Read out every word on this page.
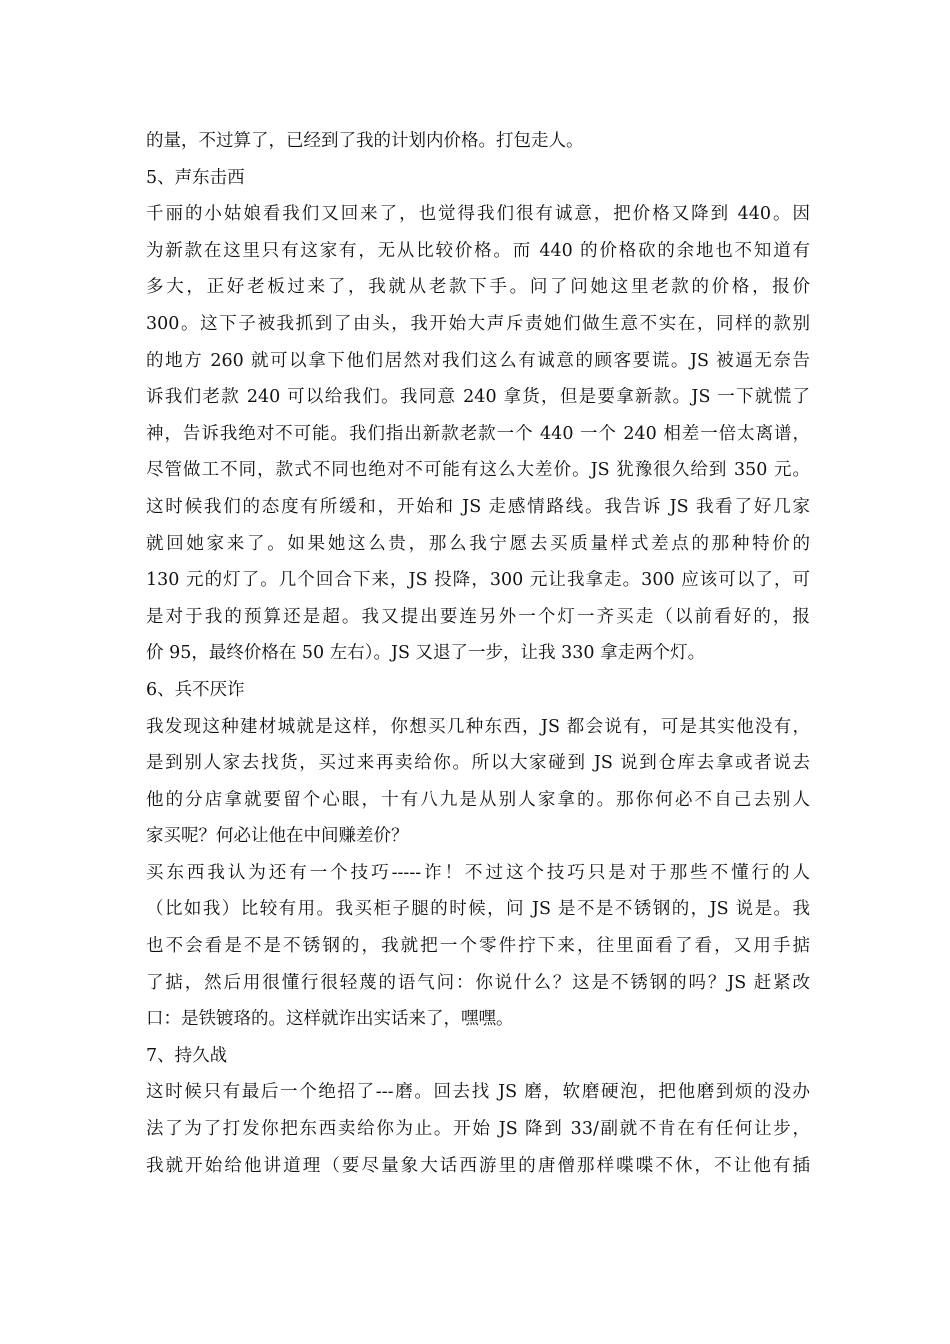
的量，不过算了，已经到了我的计划内价格。打包走人。
5、声东击西
千丽的小姑娘看我们又回来了，也觉得我们很有诚意，把价格又降到 440。因
为新款在这里只有这家有，无从比较价格。而 440 的价格砍的余地也不知道有
多大，正好老板过来了，我就从老款下手。问了问她这里老款的价格，报价
300。这下子被我抓到了由头，我开始大声斥责她们做生意不实在，同样的款别
的地方 260 就可以拿下他们居然对我们这么有诚意的顾客要谎。JS 被逼无奈告
诉我们老款 240 可以给我们。我同意 240 拿货，但是要拿新款。JS 一下就慌了
神，告诉我绝对不可能。我们指出新款老款一个 440 一个 240 相差一倍太离谱，
尽管做工不同，款式不同也绝对不可能有这么大差价。JS 犹豫很久给到 350 元。
这时候我们的态度有所缓和，开始和 JS 走感情路线。我告诉 JS 我看了好几家
就回她家来了。如果她这么贵，那么我宁愿去买质量样式差点的那种特价的
130 元的灯了。几个回合下来，JS 投降，300 元让我拿走。300 应该可以了，可
是对于我的预算还是超。我又提出要连另外一个灯一齐买走（以前看好的，报
价 95，最终价格在 50 左右）。JS 又退了一步，让我 330 拿走两个灯。
6、兵不厌诈
我发现这种建材城就是这样，你想买几种东西，JS 都会说有，可是其实他没有，
是到别人家去找货，买过来再卖给你。所以大家碰到 JS 说到仓库去拿或者说去
他的分店拿就要留个心眼，十有八九是从别人家拿的。那你何必不自己去别人
家买呢？何必让他在中间赚差价？
买东西我认为还有一个技巧-----诈！不过这个技巧只是对于那些不懂行的人
（比如我）比较有用。我买柜子腿的时候，问 JS 是不是不锈钢的，JS 说是。我
也不会看是不是不锈钢的，我就把一个零件拧下来，往里面看了看，又用手掂
了掂，然后用很懂行很轻蔑的语气问：你说什么？这是不锈钢的吗？JS 赶紧改
口：是铁镀珞的。这样就诈出实话来了，嘿嘿。
7、持久战
这时候只有最后一个绝招了---磨。回去找 JS 磨，软磨硬泡，把他磨到烦的没办
法了为了打发你把东西卖给你为止。开始 JS 降到 33/副就不肯在有任何让步，
我就开始给他讲道理（要尽量象大话西游里的唐僧那样喋喋不休，不让他有插
